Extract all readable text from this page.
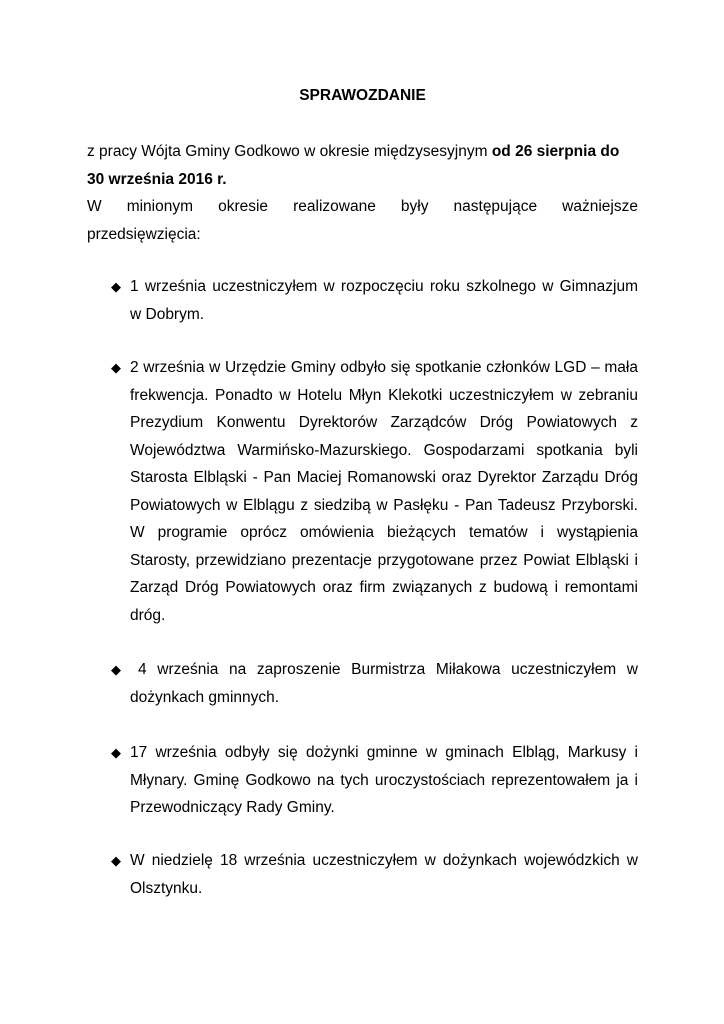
SPRAWOZDANIE
z pracy Wójta Gminy Godkowo w okresie międzysesyjnym od 26 sierpnia do
30 września 2016 r.
W minionym okresie realizowane były następujące ważniejsze
przedsięwzięcia:
◆ 1 września uczestniczyłem w rozpoczęciu roku szkolnego w Gimnazjum w Dobrym.
◆ 2 września w Urzędzie Gminy odbyło się spotkanie członków LGD – mała frekwencja. Ponadto w Hotelu Młyn Klekotki uczestniczyłem w zebraniu Prezydium Konwentu Dyrektorów Zarządców Dróg Powiatowych z Województwa Warmińsko-Mazurskiego. Gospodarzami spotkania byli Starosta Elbląski - Pan Maciej Romanowski oraz Dyrektor Zarządu Dróg Powiatowych w Elblągu z siedzibą w Pasłęku - Pan Tadeusz Przyborski. W programie oprócz omówienia bieżących tematów i wystąpienia Starosty, przewidziano prezentacje przygotowane przez Powiat Elbląski i Zarząd Dróg Powiatowych oraz firm związanych z budową i remontami dróg.
◆	4 września na zaproszenie Burmistrza Miłakowa uczestniczyłem w dożynkach gminnych.
◆ 17 września odbyły się dożynki gminne w gminach Elbląg, Markusy i Młynary. Gminę Godkowo na tych uroczystościach reprezentowałem ja i Przewodniczący Rady Gminy.
◆ W niedzielę 18 września uczestniczyłem w dożynkach wojewódzkich w Olsztynku.
